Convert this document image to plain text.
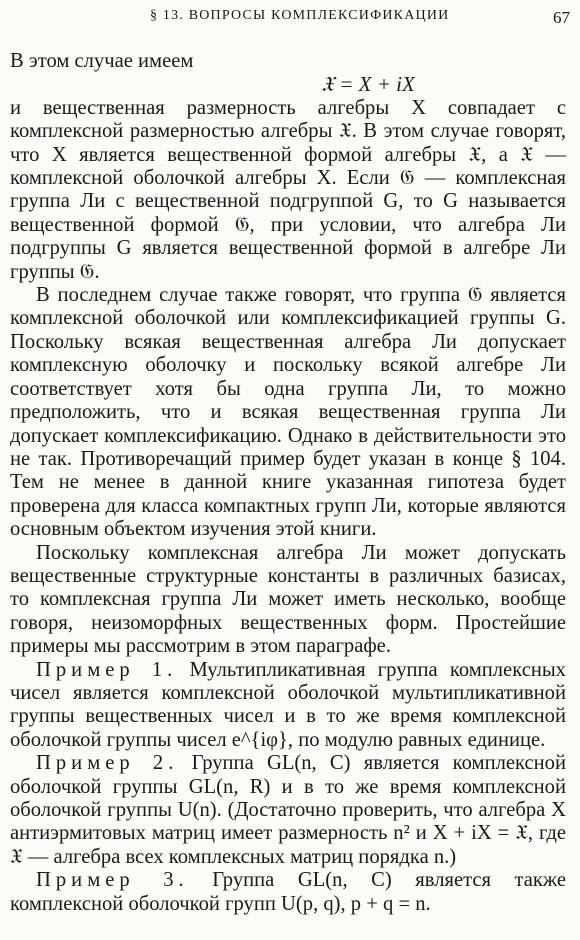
§ 13. ВОПРОСЫ КОМПЛЕКСИФИКАЦИИ	67

В этом случае имеем

𝔛 = X + iX

и вещественная размерность алгебры X совпадает с комплексной размерностью алгебры 𝔛. В этом случае говорят, что X является вещественной формой алгебры 𝔛, а 𝔛 — комплексной оболочкой алгебры X. Если 𝔊 — комплексная группа Ли с вещественной подгруппой G, то G называется вещественной формой 𝔊, при условии, что алгебра Ли подгруппы G является вещественной формой в алгебре Ли группы 𝔊.

В последнем случае также говорят, что группа 𝔊 является комплексной оболочкой или комплексификацией группы G. Поскольку всякая вещественная алгебра Ли допускает комплексную оболочку и поскольку всякой алгебре Ли соответствует хотя бы одна группа Ли, то можно предположить, что и всякая вещественная группа Ли допускает комплексификацию. Однако в действительности это не так. Противоречащий пример будет указан в конце § 104. Тем не менее в данной книге указанная гипотеза будет проверена для класса компактных групп Ли, которые являются основным объектом изучения этой книги.

Поскольку комплексная алгебра Ли может допускать вещественные структурные константы в различных базисах, то комплексная группа Ли может иметь несколько, вообще говоря, неизоморфных вещественных форм. Простейшие примеры мы рассмотрим в этом параграфе.

Пример 1. Мультипликативная группа комплексных чисел является комплексной оболочкой мультипликативной группы вещественных чисел и в то же время комплексной оболочкой группы чисел e^{iφ}, по модулю равных единице.

Пример 2. Группа GL(n, C) является комплексной оболочкой группы GL(n, R) и в то же время комплексной оболочкой группы U(n). (Достаточно проверить, что алгебра X антиэрмитовых матриц имеет размерность n² и X + iX = 𝔛, где 𝔛 — алгебра всех комплексных матриц порядка n.)

Пример 3. Группа GL(n, C) является также комплексной оболочкой групп U(p, q), p + q = n.
